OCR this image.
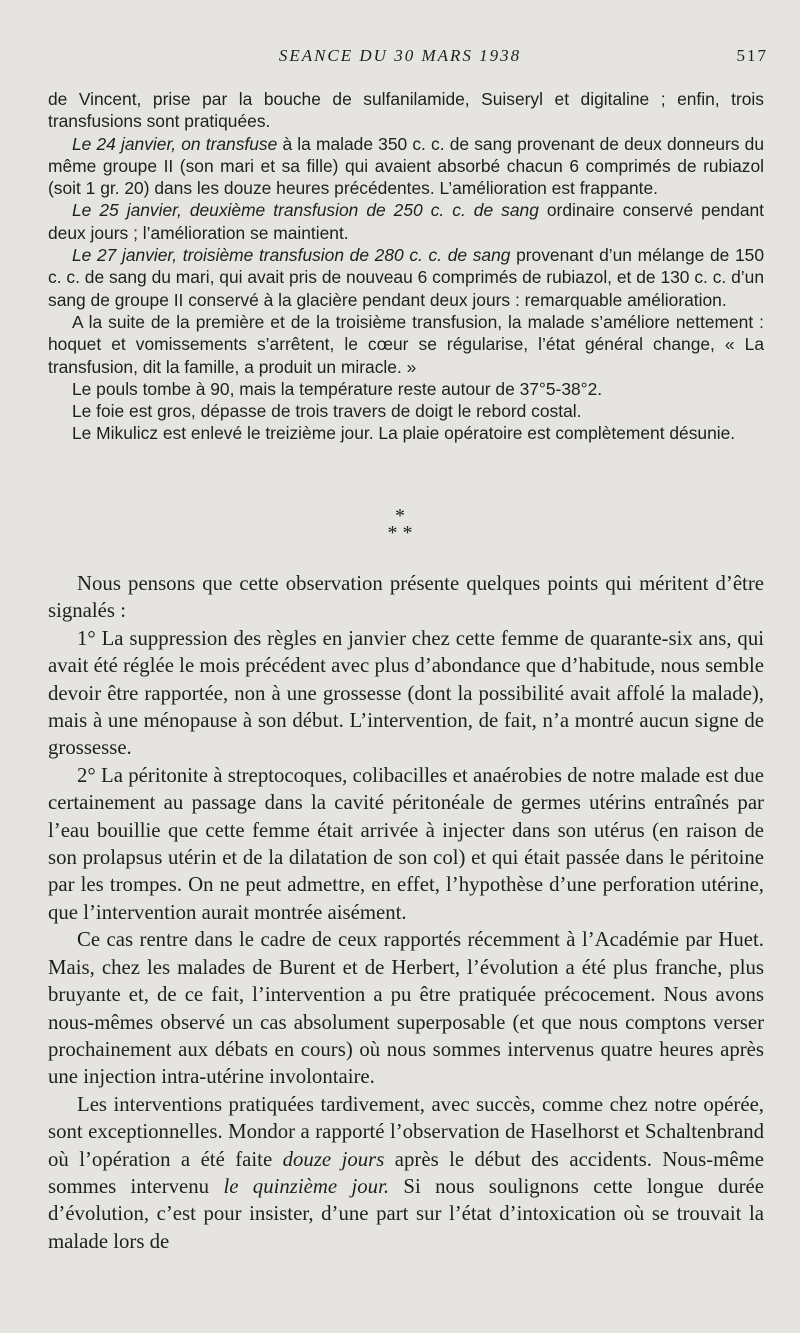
SEANCE DU 30 MARS 1938	517

de Vincent, prise par la bouche de sulfanilamide, Suiseryl et digitaline ; enfin, trois transfusions sont pratiquées.

Le 24 janvier, on transfuse à la malade 350 c. c. de sang provenant de deux donneurs du même groupe II (son mari et sa fille) qui avaient absorbé chacun 6 comprimés de rubiazol (soit 1 gr. 20) dans les douze heures précédentes. L’amélioration est frappante.

Le 25 janvier, deuxième transfusion de 250 c. c. de sang ordinaire conservé pendant deux jours ; l’amélioration se maintient.

Le 27 janvier, troisième transfusion de 280 c. c. de sang provenant d’un mélange de 150 c. c. de sang du mari, qui avait pris de nouveau 6 comprimés de rubiazol, et de 130 c. c. d’un sang de groupe II conservé à la glacière pendant deux jours : remarquable amélioration.

A la suite de la première et de la troisième transfusion, la malade s’améliore nettement : hoquet et vomissements s’arrêtent, le cœur se régularise, l’état général change, « La transfusion, dit la famille, a produit un miracle. »

Le pouls tombe à 90, mais la température reste autour de 37°5-38°2.

Le foie est gros, dépasse de trois travers de doigt le rebord costal.

Le Mikulicz est enlevé le treizième jour. La plaie opératoire est complètement désunie.

*
* *

Nous pensons que cette observation présente quelques points qui méritent d’être signalés :

1° La suppression des règles en janvier chez cette femme de quarante-six ans, qui avait été réglée le mois précédent avec plus d’abondance que d’habitude, nous semble devoir être rapportée, non à une grossesse (dont la possibilité avait affolé la malade), mais à une ménopause à son début. L’intervention, de fait, n’a montré aucun signe de grossesse.

2° La péritonite à streptocoques, colibacilles et anaérobies de notre malade est due certainement au passage dans la cavité péritonéale de germes utérins entraînés par l’eau bouillie que cette femme était arrivée à injecter dans son utérus (en raison de son prolapsus utérin et de la dilatation de son col) et qui était passée dans le péritoine par les trompes. On ne peut admettre, en effet, l’hypothèse d’une perforation utérine, que l’intervention aurait montrée aisément.

Ce cas rentre dans le cadre de ceux rapportés récemment à l’Académie par Huet. Mais, chez les malades de Burent et de Herbert, l’évolution a été plus franche, plus bruyante et, de ce fait, l’intervention a pu être pratiquée précocement. Nous avons nous-mêmes observé un cas absolument superposable (et que nous comptons verser prochainement aux débats en cours) où nous sommes intervenus quatre heures après une injection intra-utérine involontaire.

Les interventions pratiquées tardivement, avec succès, comme chez notre opérée, sont exceptionnelles. Mondor a rapporté l’observation de Haselhorst et Schaltenbrand où l’opération a été faite douze jours après le début des accidents. Nous-même sommes intervenu le quinzième jour. Si nous soulignons cette longue durée d’évolution, c’est pour insister, d’une part sur l’état d’intoxication où se trouvait la malade lors de
